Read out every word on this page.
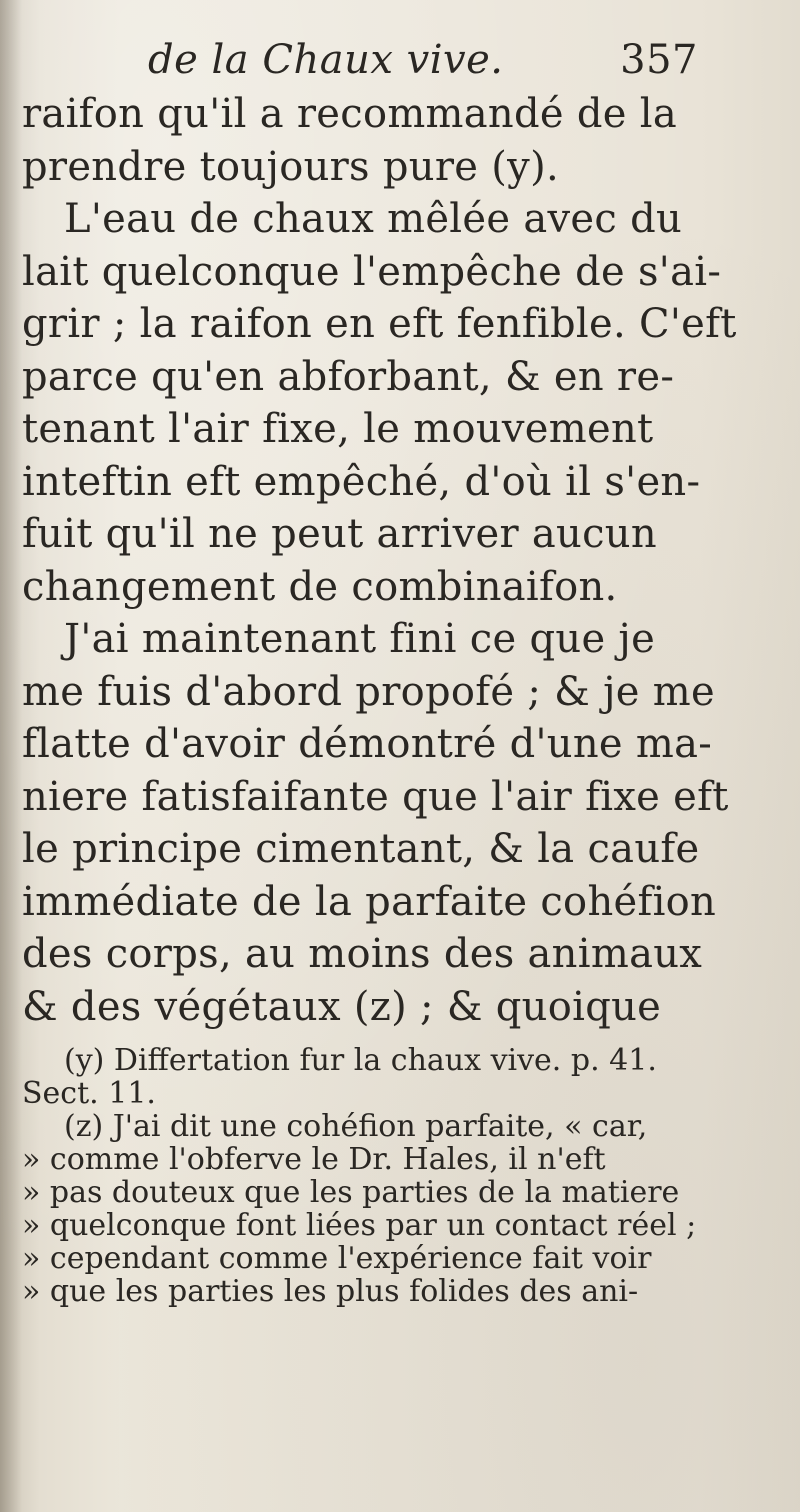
de la Chaux vive.	357
raifon qu'il a recommandé de la
prendre toujours pure (y).
L'eau de chaux mêlée avec du
lait quelconque l'empêche de s'ai-
grir ; la raifon en eft fenfible. C'eft
parce qu'en abforbant, & en re-
tenant l'air fixe, le mouvement
inteftin eft empêché, d'où il s'en-
fuit qu'il ne peut arriver aucun
changement de combinaifon.
J'ai maintenant fini ce que je
me fuis d'abord propofé ; & je me
flatte d'avoir démontré d'une ma-
niere fatisfaifante que l'air fixe eft
le principe cimentant, & la caufe
immédiate de la parfaite cohéfion
des corps, au moins des animaux
& des végétaux (z) ; & quoique
(y) Differtation fur la chaux vive. p. 41.
Sect. 11.
(z) J'ai dit une cohéfion parfaite, « car,
» comme l'obferve le Dr. Hales, il n'eft
» pas douteux que les parties de la matiere
» quelconque font liées par un contact réel ;
» cependant comme l'expérience fait voir
» que les parties les plus folides des ani-
